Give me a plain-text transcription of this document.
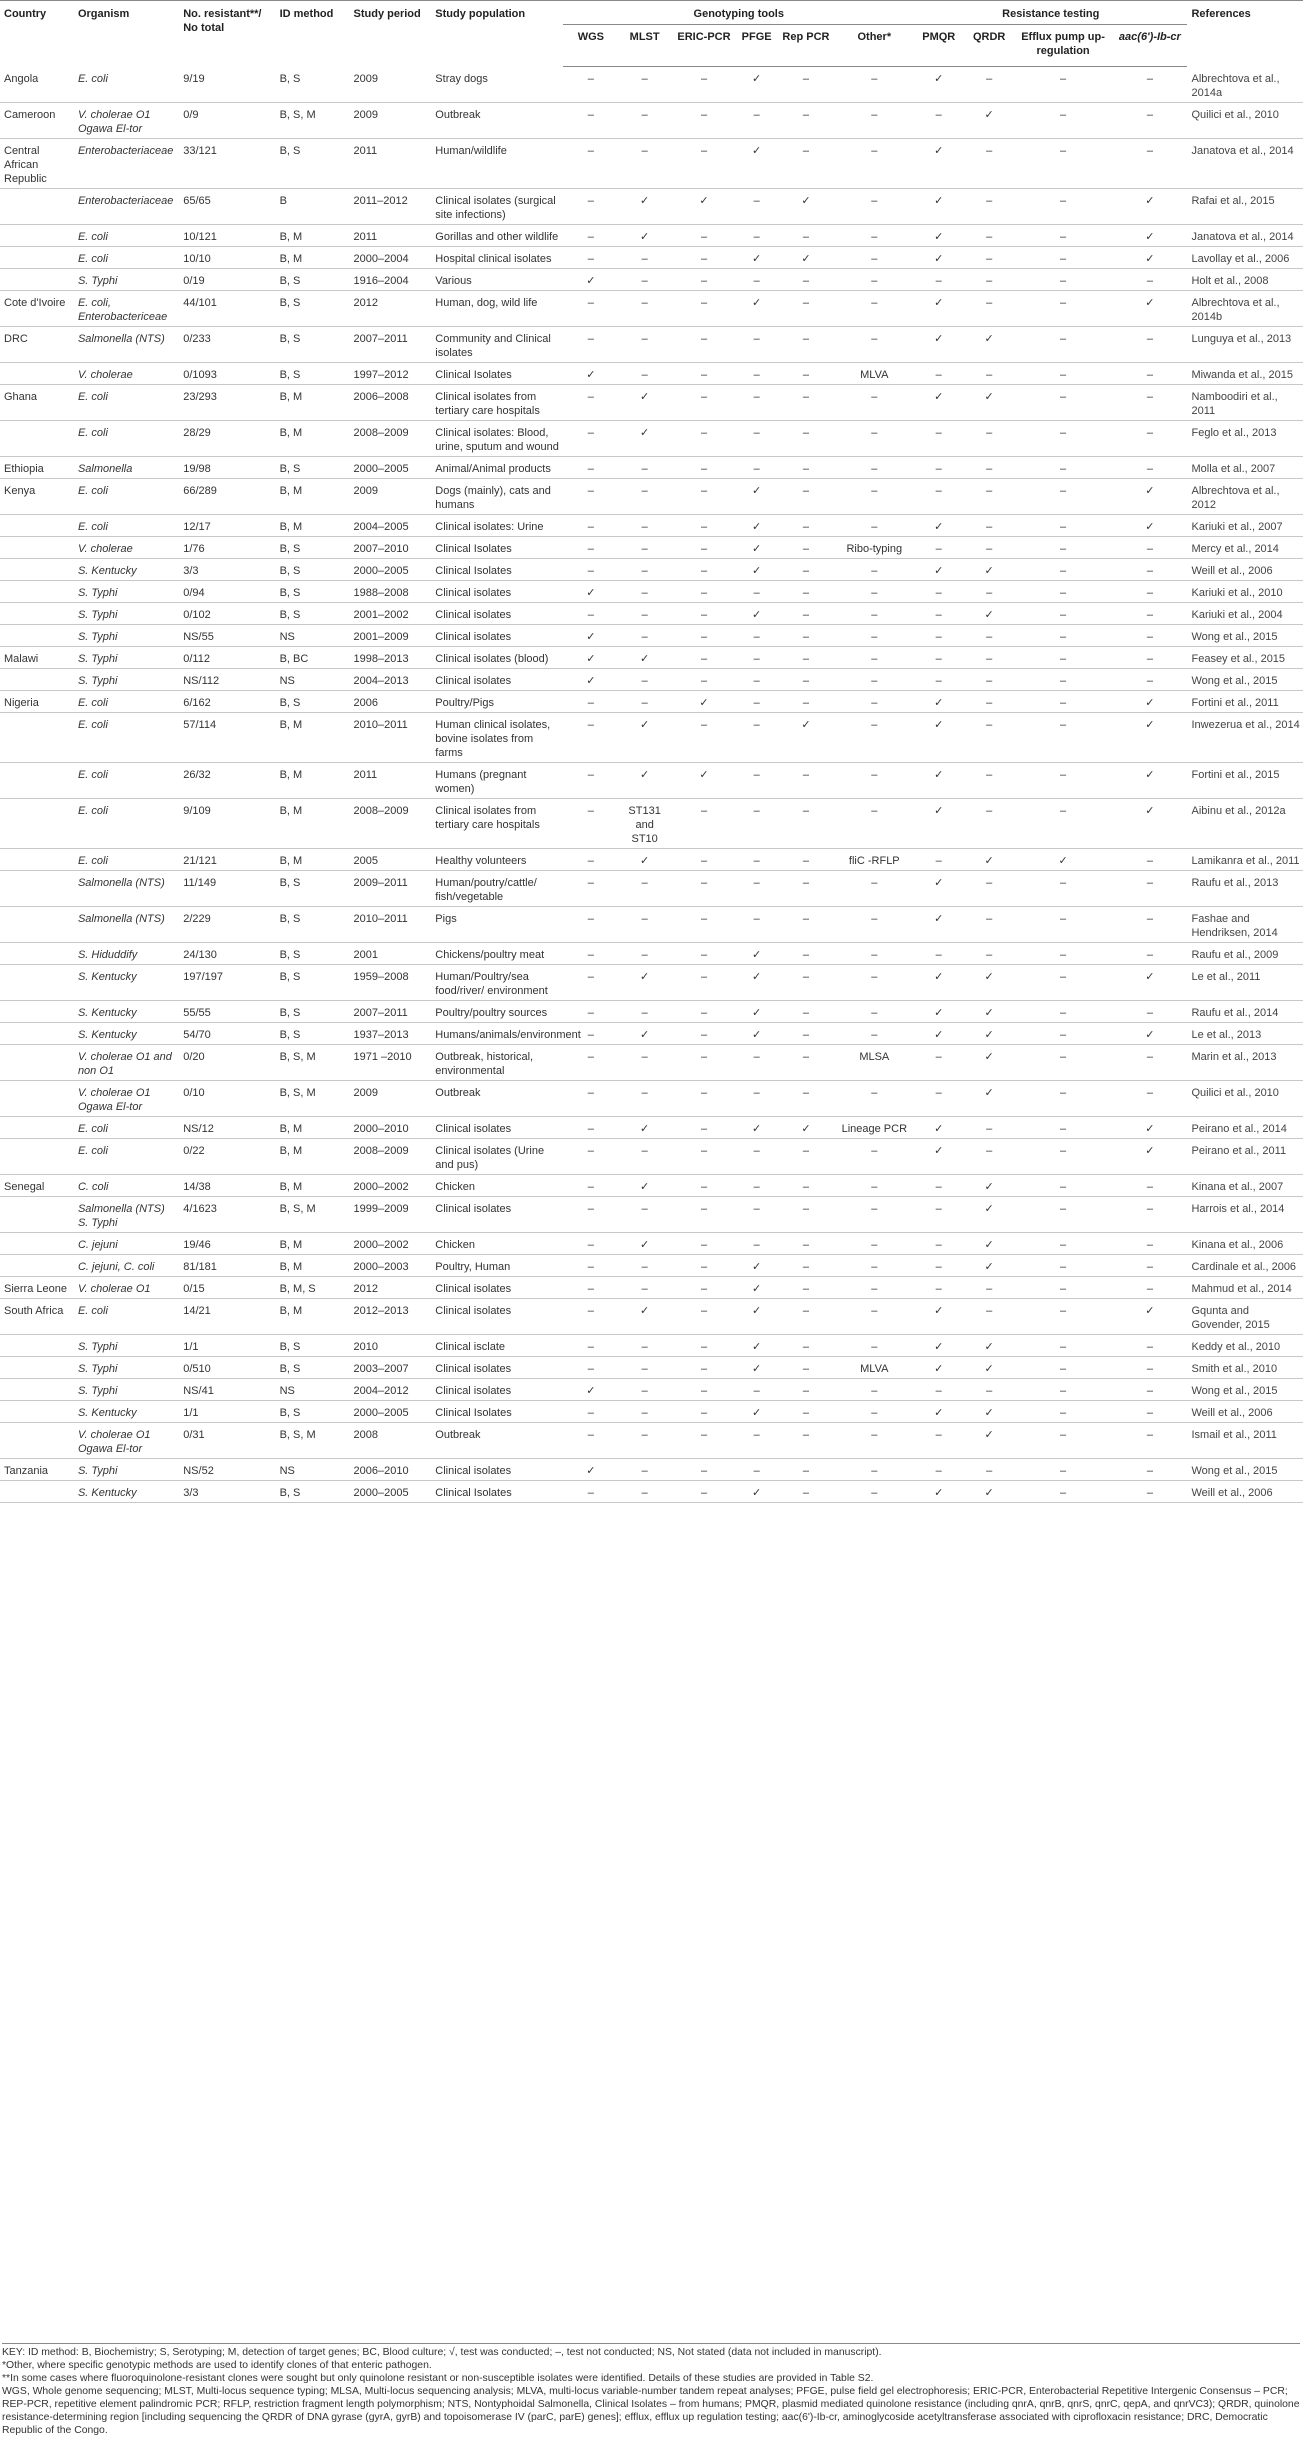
Country	Organism	No. resistant**/ No total	ID method	Study period	Study population	Genotyping tools						Resistance testing				References
						WGS	MLST	ERIC-PCR	PFGE	Rep PCR	Other*	PMQR	QRDR	Efflux pump up- regulation	aac(6')-Ib-cr	
Angola	E. coli	9/19	B, S	2009	Stray dogs	–	–	–	✓	–	–	✓	–	–	–	Albrechtova et al., 2014a
Cameroon	V. cholerae O1 Ogawa El-tor	0/9	B, S, M	2009	Outbreak	–	–	–	–	–	–	–	✓	–	–	Quilici et al., 2010
Central African Republic	Enterobacteriaceae	33/121	B, S	2011	Human/wildlife	–	–	–	✓	–	–	✓	–	–	–	Janatova et al., 2014
	Enterobacteriaceae	65/65	B	2011–2012	Clinical isolates (surgical site infections)	–	✓	✓	–	✓	–	✓	–	–	✓	Rafai et al., 2015
	E. coli	10/121	B, M	2011	Gorillas and other wildlife	–	✓	–	–	–	–	✓	–	–	✓	Janatova et al., 2014
	E. coli	10/10	B, M	2000–2004	Hospital clinical isolates	–	–	–	✓	✓	–	✓	–	–	✓	Lavollay et al., 2006
	S. Typhi	0/19	B, S	1916–2004	Various	✓	–	–	–	–	–	–	–	–	–	Holt et al., 2008
Cote d'Ivoire	E. coli, Enterobactericeae	44/101	B, S	2012	Human, dog, wild life	–	–	–	✓	–	–	✓	–	–	✓	Albrechtova et al., 2014b
DRC	Salmonella (NTS)	0/233	B, S	2007–2011	Community and Clinical isolates	–	–	–	–	–	–	✓	✓	–	–	Lunguya et al., 2013
	V. cholerae	0/1093	B, S	1997–2012	Clinical Isolates	✓	–	–	–	–	MLVA	–	–	–	–	Miwanda et al., 2015
Ghana	E. coli	23/293	B, M	2006–2008	Clinical isolates from tertiary care hospitals	–	✓	–	–	–	–	✓	✓	–	–	Namboodiri et al., 2011
	E. coli	28/29	B, M	2008–2009	Clinical isolates: Blood, urine, sputum and wound	–	✓	–	–	–	–	–	–	–	–	Feglo et al., 2013
Ethiopia	Salmonella	19/98	B, S	2000–2005	Animal/Animal products	–	–	–	–	–	–	–	–	–	–	Molla et al., 2007
Kenya	E. coli	66/289	B, M	2009	Dogs (mainly), cats and humans	–	–	–	✓	–	–	–	–	–	✓	Albrechtova et al., 2012
	E. coli	12/17	B, M	2004–2005	Clinical isolates: Urine	–	–	–	✓	–	–	✓	–	–	✓	Kariuki et al., 2007
	V. cholerae	1/76	B, S	2007–2010	Clinical Isolates	–	–	–	✓	–	Ribo-typing	–	–	–	–	Mercy et al., 2014
	S. Kentucky	3/3	B, S	2000–2005	Clinical Isolates	–	–	–	✓	–	–	✓	✓	–	–	Weill et al., 2006
	S. Typhi	0/94	B, S	1988–2008	Clinical isolates	✓	–	–	–	–	–	–	–	–	–	Kariuki et al., 2010
	S. Typhi	0/102	B, S	2001–2002	Clinical isolates	–	–	–	✓	–	–	–	✓	–	–	Kariuki et al., 2004
	S. Typhi	NS/55	NS	2001–2009	Clinical isolates	✓	–	–	–	–	–	–	–	–	–	Wong et al., 2015
Malawi	S. Typhi	0/112	B, BC	1998–2013	Clinical isolates (blood)	✓	✓	–	–	–	–	–	–	–	–	Feasey et al., 2015
	S. Typhi	NS/112	NS	2004–2013	Clinical isolates	✓	–	–	–	–	–	–	–	–	–	Wong et al., 2015
Nigeria	E. coli	6/162	B, S	2006	Poultry/Pigs	–	–	✓	–	–	–	✓	–	–	✓	Fortini et al., 2011
	E. coli	57/114	B, M	2010–2011	Human clinical isolates, bovine isolates from farms	–	✓	–	–	✓	–	✓	–	–	✓	Inwezerua et al., 2014
	E. coli	26/32	B, M	2011	Humans (pregnant women)	–	✓	✓	–	–	–	✓	–	–	✓	Fortini et al., 2015
	E. coli	9/109	B, M	2008–2009	Clinical isolates from tertiary care hospitals	–	ST131 and ST10	–	–	–	–	✓	–	–	✓	Aibinu et al., 2012a
	E. coli	21/121	B, M	2005	Healthy volunteers	–	✓	–	–	–	fliC -RFLP	–	✓	✓	–	Lamikanra et al., 2011
	Salmonella (NTS)	11/149	B, S	2009–2011	Human/poutry/cattle/ fish/vegetable	–	–	–	–	–	–	✓	–	–	–	Raufu et al., 2013
	Salmonella (NTS)	2/229	B, S	2010–2011	Pigs	–	–	–	–	–	–	✓	–	–	–	Fashae and Hendriksen, 2014
	S. Hiduddify	24/130	B, S	2001	Chickens/poultry meat	–	–	–	✓	–	–	–	–	–	–	Raufu et al., 2009
	S. Kentucky	197/197	B, S	1959–2008	Human/Poultry/sea food/river/ environment	–	✓	–	✓	–	–	✓	✓	–	✓	Le et al., 2011
	S. Kentucky	55/55	B, S	2007–2011	Poultry/poultry sources	–	–	–	✓	–	–	✓	✓	–	–	Raufu et al., 2014
	S. Kentucky	54/70	B, S	1937–2013	Humans/animals/environment	–	✓	–	✓	–	–	✓	✓	–	✓	Le et al., 2013
	V. cholerae O1 and non O1	0/20	B, S, M	1971 –2010	Outbreak, historical, environmental	–	–	–	–	–	MLSA	–	✓	–	–	Marin et al., 2013
	V. cholerae O1 Ogawa El-tor	0/10	B, S, M	2009	Outbreak	–	–	–	–	–	–	–	✓	–	–	Quilici et al., 2010
	E. coli	NS/12	B, M	2000–2010	Clinical isolates	–	✓	–	✓	✓	Lineage PCR	✓	–	–	✓	Peirano et al., 2014
	E. coli	0/22	B, M	2008–2009	Clinical isolates (Urine and pus)	–	–	–	–	–	–	✓	–	–	✓	Peirano et al., 2011
Senegal	C. coli	14/38	B, M	2000–2002	Chicken	–	✓	–	–	–	–	–	✓	–	–	Kinana et al., 2007
	Salmonella (NTS) S. Typhi	4/1623	B, S, M	1999–2009	Clinical isolates	–	–	–	–	–	–	–	✓	–	–	Harrois et al., 2014
	C. jejuni	19/46	B, M	2000–2002	Chicken	–	✓	–	–	–	–	–	✓	–	–	Kinana et al., 2006
	C. jejuni, C. coli	81/181	B, M	2000–2003	Poultry, Human	–	–	–	✓	–	–	–	✓	–	–	Cardinale et al., 2006
Sierra Leone	V. cholerae O1	0/15	B, M, S	2012	Clinical isolates	–	–	–	✓	–	–	–	–	–	–	Mahmud et al., 2014
South Africa	E. coli	14/21	B, M	2012–2013	Clinical isolates	–	✓	–	✓	–	–	✓	–	–	✓	Gqunta and Govender, 2015
	S. Typhi	1/1	B, S	2010	Clinical isclate	–	–	–	✓	–	–	✓	✓	–	–	Keddy et al., 2010
	S. Typhi	0/510	B, S	2003–2007	Clinical isolates	–	–	–	✓	–	MLVA	✓	✓	–	–	Smith et al., 2010
	S. Typhi	NS/41	NS	2004–2012	Clinical isolates	✓	–	–	–	–	–	–	–	–	–	Wong et al., 2015
	S. Kentucky	1/1	B, S	2000–2005	Clinical Isolates	–	–	–	✓	–	–	✓	✓	–	–	Weill et al., 2006
	V. cholerae O1 Ogawa El-tor	0/31	B, S, M	2008	Outbreak	–	–	–	–	–	–	–	✓	–	–	Ismail et al., 2011
Tanzania	S. Typhi	NS/52	NS	2006–2010	Clinical isolates	✓	–	–	–	–	–	–	–	–	–	Wong et al., 2015
	S. Kentucky	3/3	B, S	2000–2005	Clinical Isolates	–	–	–	✓	–	–	✓	✓	–	–	Weill et al., 2006
KEY: ID method: B, Biochemistry; S, Serotyping; M, detection of target genes; BC, Blood culture; √, test was conducted; –, test not conducted; NS, Not stated (data not included in manuscript).
*Other, where specific genotypic methods are used to identify clones of that enteric pathogen.
**In some cases where fluoroquinolone-resistant clones were sought but only quinolone resistant or non-susceptible isolates were identified. Details of these studies are provided in Table S2.
WGS, Whole genome sequencing; MLST, Multi-locus sequence typing; MLSA, Multi-locus sequencing analysis; MLVA, multi-locus variable-number tandem repeat analyses; PFGE, pulse field gel electrophoresis; ERIC-PCR, Enterobacterial Repetitive Intergenic Consensus – PCR; REP-PCR, repetitive element palindromic PCR; RFLP, restriction fragment length polymorphism; NTS, Nontyphoidal Salmonella, Clinical Isolates – from humans; PMQR, plasmid mediated quinolone resistance (including qnrA, qnrB, qnrS, qnrC, qepA, and qnrVC3); QRDR, quinolone resistance-determining region [including sequencing the QRDR of DNA gyrase (gyrA, gyrB) and topoisomerase IV (parC, parE) genes]; efflux, efflux up regulation testing; aac(6')-Ib-cr, aminoglycoside acetyltransferase associated with ciprofloxacin resistance; DRC, Democratic Republic of the Congo.
